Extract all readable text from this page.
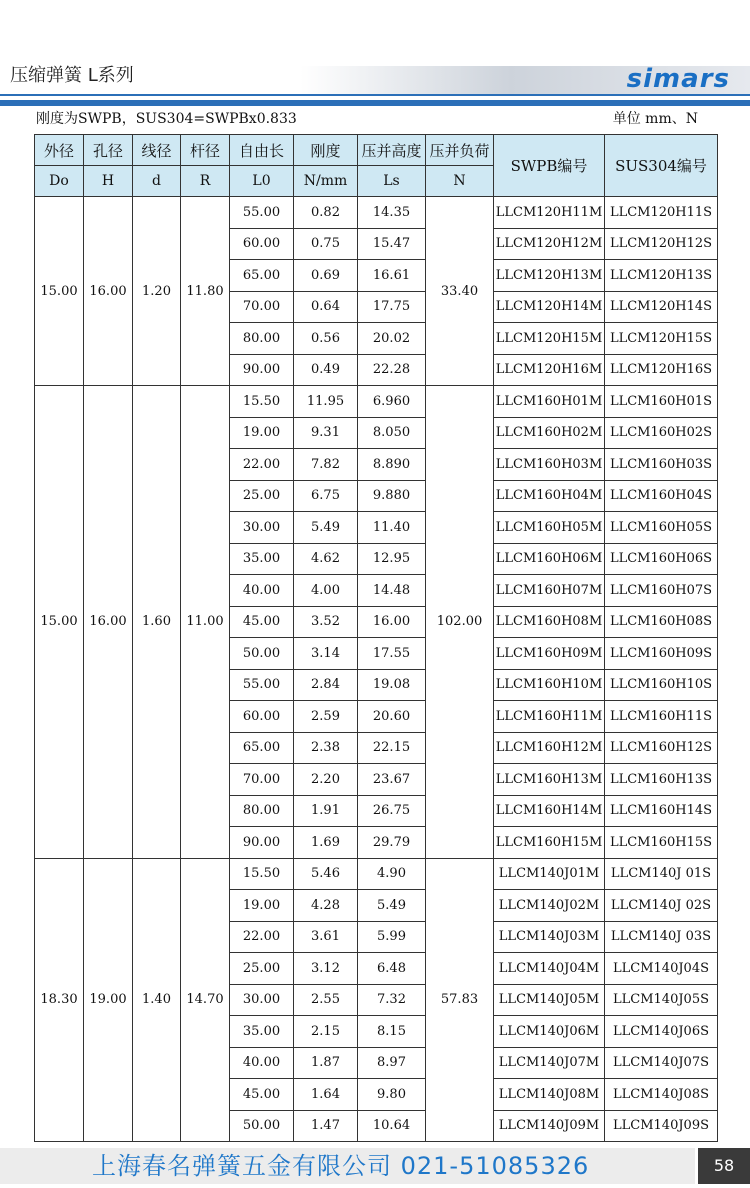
压缩弹簧 L系列	simars
刚度为SWPB，SUS304=SWPBx0.833	单位 mm、N
外径	孔径	线径	杆径	自由长	刚度	压并高度	压并负荷	SWPB编号	SUS304编号
Do	H	d	R	L0	N/mm	Ls	N		
15.00	16.00	1.20	11.80	55.00	0.82	14.35	33.40	LLCM120H11M	LLCM120H11S
				60.00	0.75	15.47		LLCM120H12M	LLCM120H12S
				65.00	0.69	16.61		LLCM120H13M	LLCM120H13S
				70.00	0.64	17.75		LLCM120H14M	LLCM120H14S
				80.00	0.56	20.02		LLCM120H15M	LLCM120H15S
				90.00	0.49	22.28		LLCM120H16M	LLCM120H16S
15.00	16.00	1.60	11.00	15.50	11.95	6.960	102.00	LLCM160H01M	LLCM160H01S
				19.00	9.31	8.050		LLCM160H02M	LLCM160H02S
				22.00	7.82	8.890		LLCM160H03M	LLCM160H03S
				25.00	6.75	9.880		LLCM160H04M	LLCM160H04S
				30.00	5.49	11.40		LLCM160H05M	LLCM160H05S
				35.00	4.62	12.95		LLCM160H06M	LLCM160H06S
				40.00	4.00	14.48		LLCM160H07M	LLCM160H07S
				45.00	3.52	16.00		LLCM160H08M	LLCM160H08S
				50.00	3.14	17.55		LLCM160H09M	LLCM160H09S
				55.00	2.84	19.08		LLCM160H10M	LLCM160H10S
				60.00	2.59	20.60		LLCM160H11M	LLCM160H11S
				65.00	2.38	22.15		LLCM160H12M	LLCM160H12S
				70.00	2.20	23.67		LLCM160H13M	LLCM160H13S
				80.00	1.91	26.75		LLCM160H14M	LLCM160H14S
				90.00	1.69	29.79		LLCM160H15M	LLCM160H15S
18.30	19.00	1.40	14.70	15.50	5.46	4.90	57.83	LLCM140J01M	LLCM140J 01S
				19.00	4.28	5.49		LLCM140J02M	LLCM140J 02S
				22.00	3.61	5.99		LLCM140J03M	LLCM140J 03S
				25.00	3.12	6.48		LLCM140J04M	LLCM140J04S
				30.00	2.55	7.32		LLCM140J05M	LLCM140J05S
				35.00	2.15	8.15		LLCM140J06M	LLCM140J06S
				40.00	1.87	8.97		LLCM140J07M	LLCM140J07S
				45.00	1.64	9.80		LLCM140J08M	LLCM140J08S
				50.00	1.47	10.64		LLCM140J09M	LLCM140J09S
上海春名弹簧五金有限公司 021-51085326	58
